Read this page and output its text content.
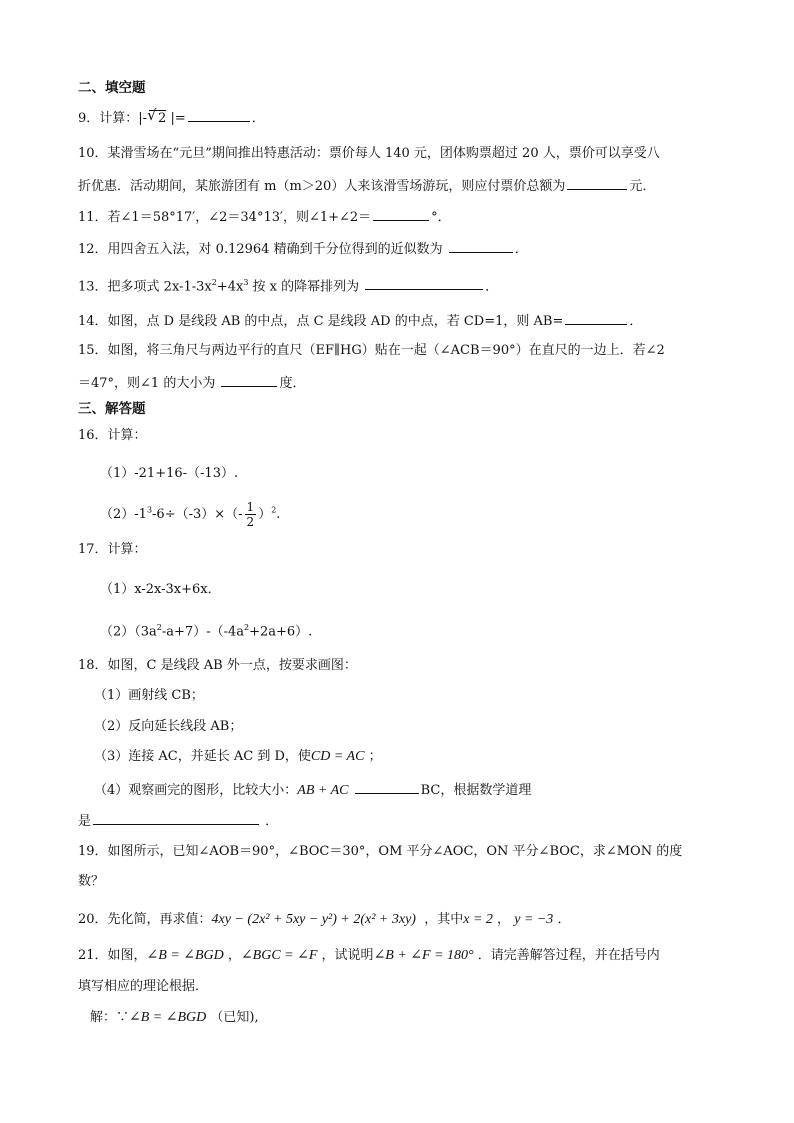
二、填空题
9．计算：|-√ 2 |=	．
10．某滑雪场在“元旦”期间推出特惠活动：票价每人 140 元，团体购票超过 20 人，票价可以享受八
折优惠．活动期间，某旅游团有 m（m＞20）人来该滑雪场游玩，则应付票价总额为	元．
11．若∠1＝58°17′，∠2＝34°13′，则∠1+∠2＝	°．
12．用四舍五入法，对 0.12964 精确到千分位得到的近似数为	．
13．把多项式 $2x-1-3x^2+4x^3$ 按 x 的降幂排列为	．
14．如图，点 D 是线段 AB 的中点，点 C 是线段 AD 的中点，若 CD=1，则 AB=	．
15．如图，将三角尺与两边平行的直尺（EF∥HG）贴在一起（∠ACB＝90°）在直尺的一边上．若∠2
＝47°，则∠1 的大小为	度．
三、解答题
16．计算：
（1）-21+16-（-13）.
$(2)-1^3-6\div(-3)\times(- \frac{1}{2} )^2$.
17．计算：
（1）x-2x-3x+6x．
$(2)(3a^2-a+7)-(-4a^2+2a+6)$.
18．如图，C 是线段 AB 外一点，按要求画图：
（1）画射线 CB；
（2）反向延长线段 AB；
（3）连接 AC，并延长 AC 到 D，使CD = AC ；
（4）观察画完的图形，比较大小：AB + AC	BC，根据数学道理
是	．
19．如图所示，已知∠AOB＝90°，∠BOC＝30°，OM 平分∠AOC，ON 平分∠BOC，求∠MON 的度
数？
20．先化简，再求值：4xy − (2x² + 5xy − y²) + 2(x² + 3xy) ，其中x = 2 ， y = −3 ．
21．如图，∠B = ∠BGD ，∠BGC = ∠F ，试说明∠B + ∠F = 180° ．请完善解答过程，并在括号内
填写相应的理论根据．
解：∵∠B = ∠BGD （已知),
